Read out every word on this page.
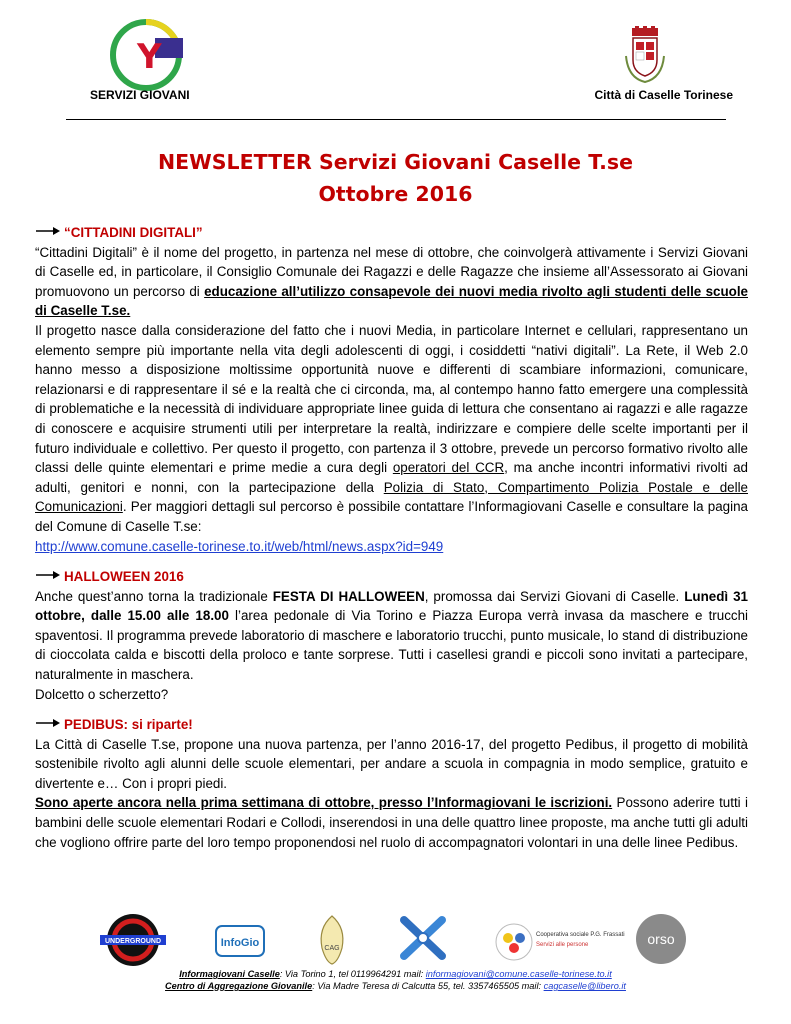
Y
SERVIZI GIOVANI	Città di Caselle Torinese
NEWSLETTER Servizi Giovani Caselle T.se
Ottobre 2016
“CITTADINI DIGITALI”
“Cittadini Digitali” è il nome del progetto, in partenza nel mese di ottobre, che coinvolgerà attivamente i Servizi Giovani di Caselle ed, in particolare, il Consiglio Comunale dei Ragazzi e delle Ragazze che insieme all’Assessorato ai Giovani promuovono un percorso di educazione all’utilizzo consapevole dei nuovi media rivolto agli studenti delle scuole di Caselle T.se.
Il progetto nasce dalla considerazione del fatto che i nuovi Media, in particolare Internet e cellulari, rappresentano un elemento sempre più importante nella vita degli adolescenti di oggi, i cosiddetti “nativi digitali”. La Rete, il Web 2.0 hanno messo a disposizione moltissime opportunità nuove e differenti di scambiare informazioni, comunicare, relazionarsi e di rappresentare il sé e la realtà che ci circonda, ma, al contempo hanno fatto emergere una complessità di problematiche e la necessità di individuare appropriate linee guida di lettura che consentano ai ragazzi e alle ragazze di conoscere e acquisire strumenti utili per interpretare la realtà, indirizzare e compiere delle scelte importanti per il futuro individuale e collettivo. Per questo il progetto, con partenza il 3 ottobre, prevede un percorso formativo rivolto alle classi delle quinte elementari e prime medie a cura degli operatori del CCR, ma anche incontri informativi rivolti ad adulti, genitori e nonni, con la partecipazione della Polizia di Stato, Compartimento Polizia Postale e delle Comunicazioni. Per maggiori dettagli sul percorso è possibile contattare l’Informagiovani Caselle e consultare la pagina del Comune di Caselle T.se:
http://www.comune.caselle-torinese.to.it/web/html/news.aspx?id=949
HALLOWEEN 2016
Anche quest’anno torna la tradizionale FESTA DI HALLOWEEN, promossa dai Servizi Giovani di Caselle. Lunedì 31 ottobre, dalle 15.00 alle 18.00 l’area pedonale di Via Torino e Piazza Europa verrà invasa da maschere e trucchi spaventosi. Il programma prevede laboratorio di maschere e laboratorio trucchi, punto musicale, lo stand di distribuzione di cioccolata calda e biscotti della proloco e tante sorprese. Tutti i casellesi grandi e piccoli sono invitati a partecipare, naturalmente in maschera.
Dolcetto o scherzetto?
PEDIBUS: si riparte!
La Città di Caselle T.se, propone una nuova partenza, per l’anno 2016-17, del progetto Pedibus, il progetto di mobilità sostenibile rivolto agli alunni delle scuole elementari, per andare a scuola in compagnia in modo semplice, gratuito e divertente e… Con i propri piedi.
Sono aperte ancora nella prima settimana di ottobre, presso l’Informagiovani le iscrizioni. Possono aderire tutti i bambini delle scuole elementari Rodari e Collodi, inserendosi in una delle quattro linee proposte, ma anche tutti gli adulti che vogliono offrire parte del loro tempo proponendosi nel ruolo di accompagnatori volontari in una delle linee Pedibus.
UNDERGROUND	InfoGio	CAG
Cooperativa sociale P.G. Frassati
Servizi alle persone	orso
Informagiovani Caselle: Via Torino 1, tel 0119964291 mail: informagiovani@comune.caselle-torinese.to.it
Centro di Aggregazione Giovanile: Via Madre Teresa di Calcutta 55, tel. 3357465505 mail: cagcaselle@libero.it
